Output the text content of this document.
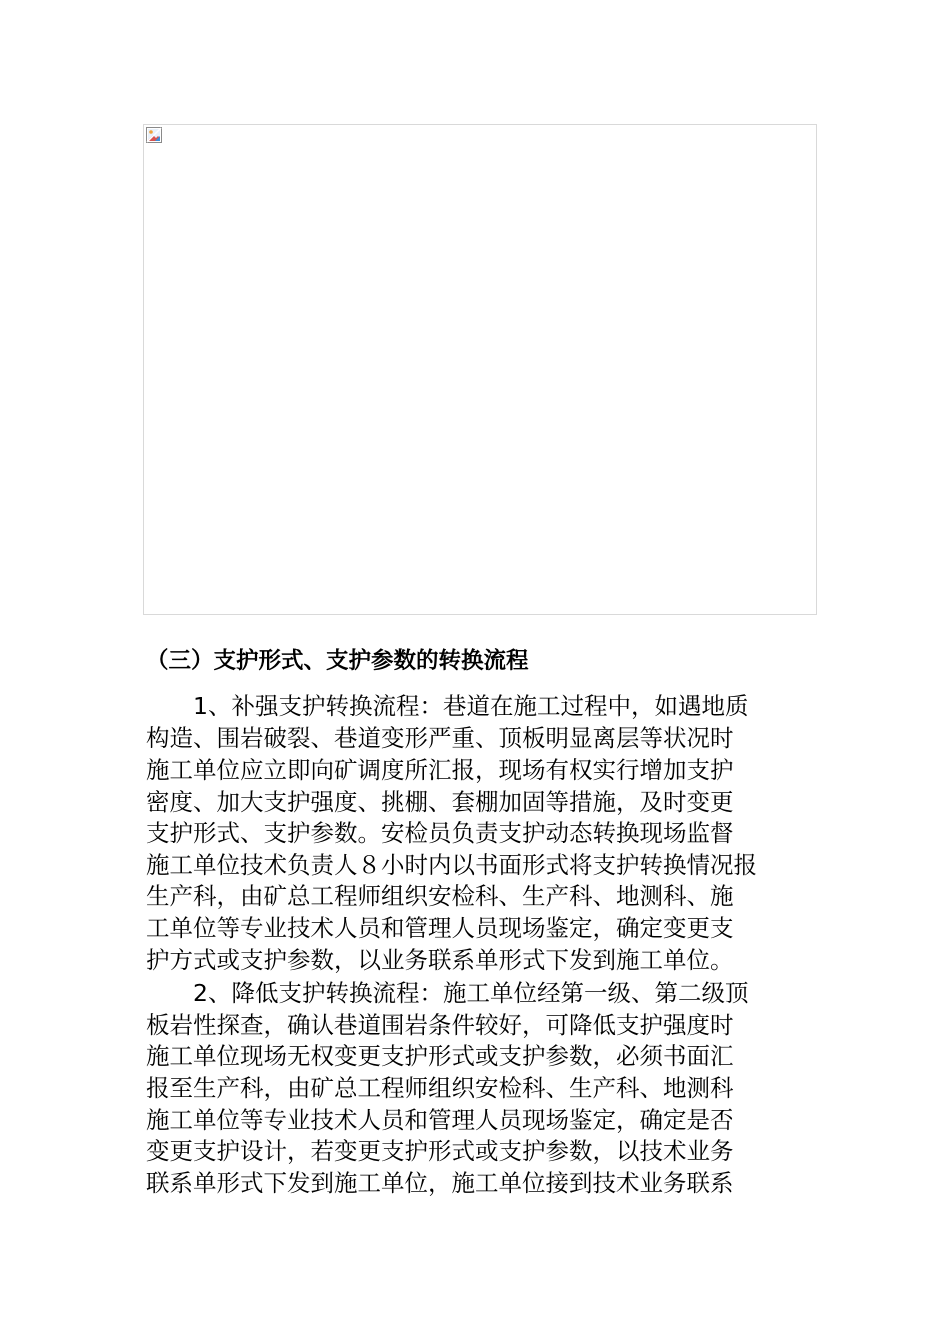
（三）支护形式、支护参数的转换流程

1、补强支护转换流程：巷道在施工过程中，如遇地质

构造、围岩破裂、巷道变形严重、顶板明显离层等状况时

施工单位应立即向矿调度所汇报，现场有权实行增加支护

密度、加大支护强度、挑棚、套棚加固等措施，及时变更

支护形式、支护参数。安检员负责支护动态转换现场监督

施工单位技术负责人８小时内以书面形式将支护转换情况报

生产科，由矿总工程师组织安检科、生产科、地测科、施

工单位等专业技术人员和管理人员现场鉴定，确定变更支

护方式或支护参数，以业务联系单形式下发到施工单位。

2、降低支护转换流程：施工单位经第一级、第二级顶

板岩性探查，确认巷道围岩条件较好，可降低支护强度时

施工单位现场无权变更支护形式或支护参数，必须书面汇

报至生产科，由矿总工程师组织安检科、生产科、地测科

施工单位等专业技术人员和管理人员现场鉴定，确定是否

变更支护设计，若变更支护形式或支护参数，以技术业务

联系单形式下发到施工单位，施工单位接到技术业务联系
